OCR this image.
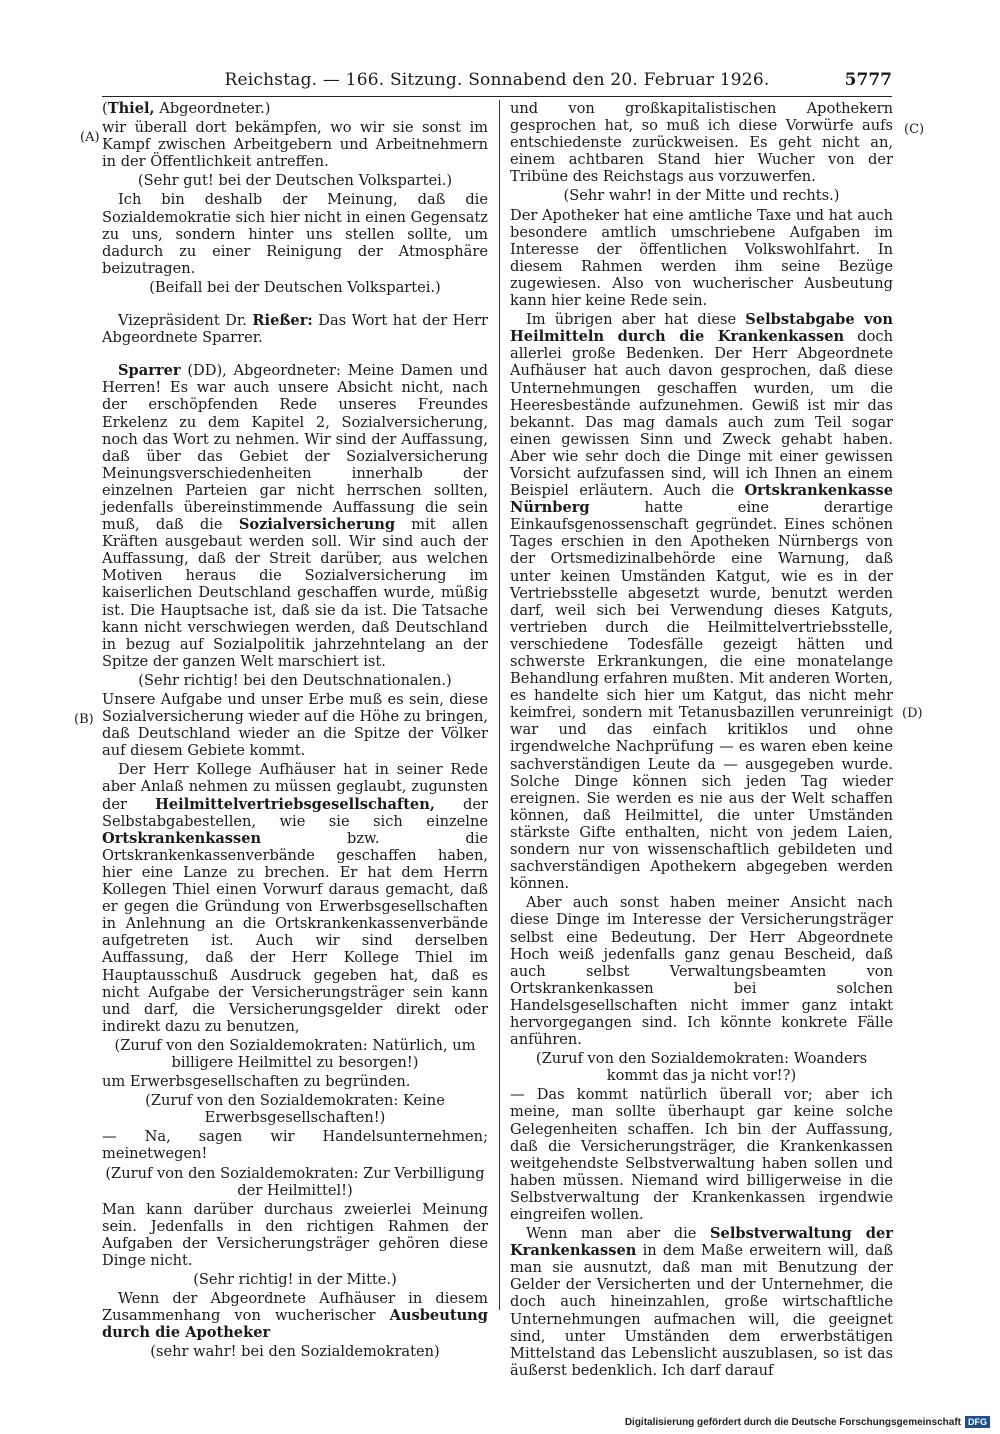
Reichstag. — 166. Sitzung. Sonnabend den 20. Februar 1926.	5777
(A)
(B)
(C)
(D)

(Thiel, Abgeordneter.)

wir überall dort bekämpfen, wo wir sie sonst im Kampf zwischen Arbeitgebern und Arbeitnehmern in der Öffentlichkeit antreffen.

(Sehr gut! bei der Deutschen Volkspartei.)

Ich bin deshalb der Meinung, daß die Sozialdemokratie sich hier nicht in einen Gegensatz zu uns, sondern hinter uns stellen sollte, um dadurch zu einer Reinigung der Atmosphäre beizutragen.

(Beifall bei der Deutschen Volkspartei.)

Vizepräsident Dr. Rießer: Das Wort hat der Herr Abgeordnete Sparrer.

Sparrer (DD), Abgeordneter: Meine Damen und Herren! Es war auch unsere Absicht nicht, nach der erschöpfenden Rede unseres Freundes Erkelenz zu dem Kapitel 2, Sozialversicherung, noch das Wort zu nehmen. Wir sind der Auffassung, daß über das Gebiet der Sozialversicherung Meinungsverschiedenheiten innerhalb der einzelnen Parteien gar nicht herrschen sollten, jedenfalls übereinstimmende Auffassung die sein muß, daß die Sozialversicherung mit allen Kräften ausgebaut werden soll. Wir sind auch der Auffassung, daß der Streit darüber, aus welchen Motiven heraus die Sozialversicherung im kaiserlichen Deutschland geschaffen wurde, müßig ist. Die Hauptsache ist, daß sie da ist. Die Tatsache kann nicht verschwiegen werden, daß Deutschland in bezug auf Sozialpolitik jahrzehntelang an der Spitze der ganzen Welt marschiert ist.

(Sehr richtig! bei den Deutschnationalen.)

Unsere Aufgabe und unser Erbe muß es sein, diese Sozialversicherung wieder auf die Höhe zu bringen, daß Deutschland wieder an die Spitze der Völker auf diesem Gebiete kommt.

Der Herr Kollege Aufhäuser hat in seiner Rede aber Anlaß nehmen zu müssen geglaubt, zugunsten der Heilmittelvertriebsgesellschaften, der Selbstabgabestellen, wie sie sich einzelne Ortskrankenkassen bzw. die Ortskrankenkassenverbände geschaffen haben, hier eine Lanze zu brechen. Er hat dem Herrn Kollegen Thiel einen Vorwurf daraus gemacht, daß er gegen die Gründung von Erwerbsgesellschaften in Anlehnung an die Ortskrankenkassenverbände aufgetreten ist. Auch wir sind derselben Auffassung, daß der Herr Kollege Thiel im Hauptausschuß Ausdruck gegeben hat, daß es nicht Aufgabe der Versicherungsträger sein kann und darf, die Versicherungsgelder direkt oder indirekt dazu zu benutzen,

(Zuruf von den Sozialdemokraten: Natürlich, um billigere Heilmittel zu besorgen!)

um Erwerbsgesellschaften zu begründen.

(Zuruf von den Sozialdemokraten: Keine Erwerbsgesellschaften!)

— Na, sagen wir Handelsunternehmen; meinetwegen!

(Zuruf von den Sozialdemokraten: Zur Verbilligung der Heilmittel!)

Man kann darüber durchaus zweierlei Meinung sein. Jedenfalls in den richtigen Rahmen der Aufgaben der Versicherungsträger gehören diese Dinge nicht.

(Sehr richtig! in der Mitte.)

Wenn der Abgeordnete Aufhäuser in diesem Zusammenhang von wucherischer Ausbeutung durch die Apotheker

(sehr wahr! bei den Sozialdemokraten)

und von großkapitalistischen Apothekern gesprochen hat, so muß ich diese Vorwürfe aufs entschiedenste zurückweisen. Es geht nicht an, einem achtbaren Stand hier Wucher von der Tribüne des Reichstags aus vorzuwerfen.

(Sehr wahr! in der Mitte und rechts.)

Der Apotheker hat eine amtliche Taxe und hat auch besondere amtlich umschriebene Aufgaben im Interesse der öffentlichen Volkswohlfahrt. In diesem Rahmen werden ihm seine Bezüge zugewiesen. Also von wucherischer Ausbeutung kann hier keine Rede sein.

Im übrigen aber hat diese Selbstabgabe von Heilmitteln durch die Krankenkassen doch allerlei große Bedenken. Der Herr Abgeordnete Aufhäuser hat auch davon gesprochen, daß diese Unternehmungen geschaffen wurden, um die Heeresbestände aufzunehmen. Gewiß ist mir das bekannt. Das mag damals auch zum Teil sogar einen gewissen Sinn und Zweck gehabt haben. Aber wie sehr doch die Dinge mit einer gewissen Vorsicht aufzufassen sind, will ich Ihnen an einem Beispiel erläutern. Auch die Ortskrankenkasse Nürnberg hatte eine derartige Einkaufsgenossenschaft gegründet. Eines schönen Tages erschien in den Apotheken Nürnbergs von der Ortsmedizinalbehörde eine Warnung, daß unter keinen Umständen Katgut, wie es in der Vertriebsstelle abgesetzt wurde, benutzt werden darf, weil sich bei Verwendung dieses Katguts, vertrieben durch die Heilmittelvertriebsstelle, verschiedene Todesfälle gezeigt hätten und schwerste Erkrankungen, die eine monatelange Behandlung erfahren mußten. Mit anderen Worten, es handelte sich hier um Katgut, das nicht mehr keimfrei, sondern mit Tetanusbazillen verunreinigt war und das einfach kritiklos und ohne irgendwelche Nachprüfung — es waren eben keine sachverständigen Leute da — ausgegeben wurde. Solche Dinge können sich jeden Tag wieder ereignen. Sie werden es nie aus der Welt schaffen können, daß Heilmittel, die unter Umständen stärkste Gifte enthalten, nicht von jedem Laien, sondern nur von wissenschaftlich gebildeten und sachverständigen Apothekern abgegeben werden können.

Aber auch sonst haben meiner Ansicht nach diese Dinge im Interesse der Versicherungsträger selbst eine Bedeutung. Der Herr Abgeordnete Hoch weiß jedenfalls ganz genau Bescheid, daß auch selbst Verwaltungsbeamten von Ortskrankenkassen bei solchen Handelsgesellschaften nicht immer ganz intakt hervorgegangen sind. Ich könnte konkrete Fälle anführen.

(Zuruf von den Sozialdemokraten: Woanders kommt das ja nicht vor!?)

— Das kommt natürlich überall vor; aber ich meine, man sollte überhaupt gar keine solche Gelegenheiten schaffen. Ich bin der Auffassung, daß die Versicherungsträger, die Krankenkassen weitgehendste Selbstverwaltung haben sollen und haben müssen. Niemand wird billigerweise in die Selbstverwaltung der Krankenkassen irgendwie eingreifen wollen.

Wenn man aber die Selbstverwaltung der Krankenkassen in dem Maße erweitern will, daß man sie ausnutzt, daß man mit Benutzung der Gelder der Versicherten und der Unternehmer, die doch auch hineinzahlen, große wirtschaftliche Unternehmungen aufmachen will, die geeignet sind, unter Umständen dem erwerbstätigen Mittelstand das Lebenslicht auszublasen, so ist das äußerst bedenklich. Ich darf darauf

Digitalisierung gefördert durch die Deutsche Forschungsgemeinschaft DFG
